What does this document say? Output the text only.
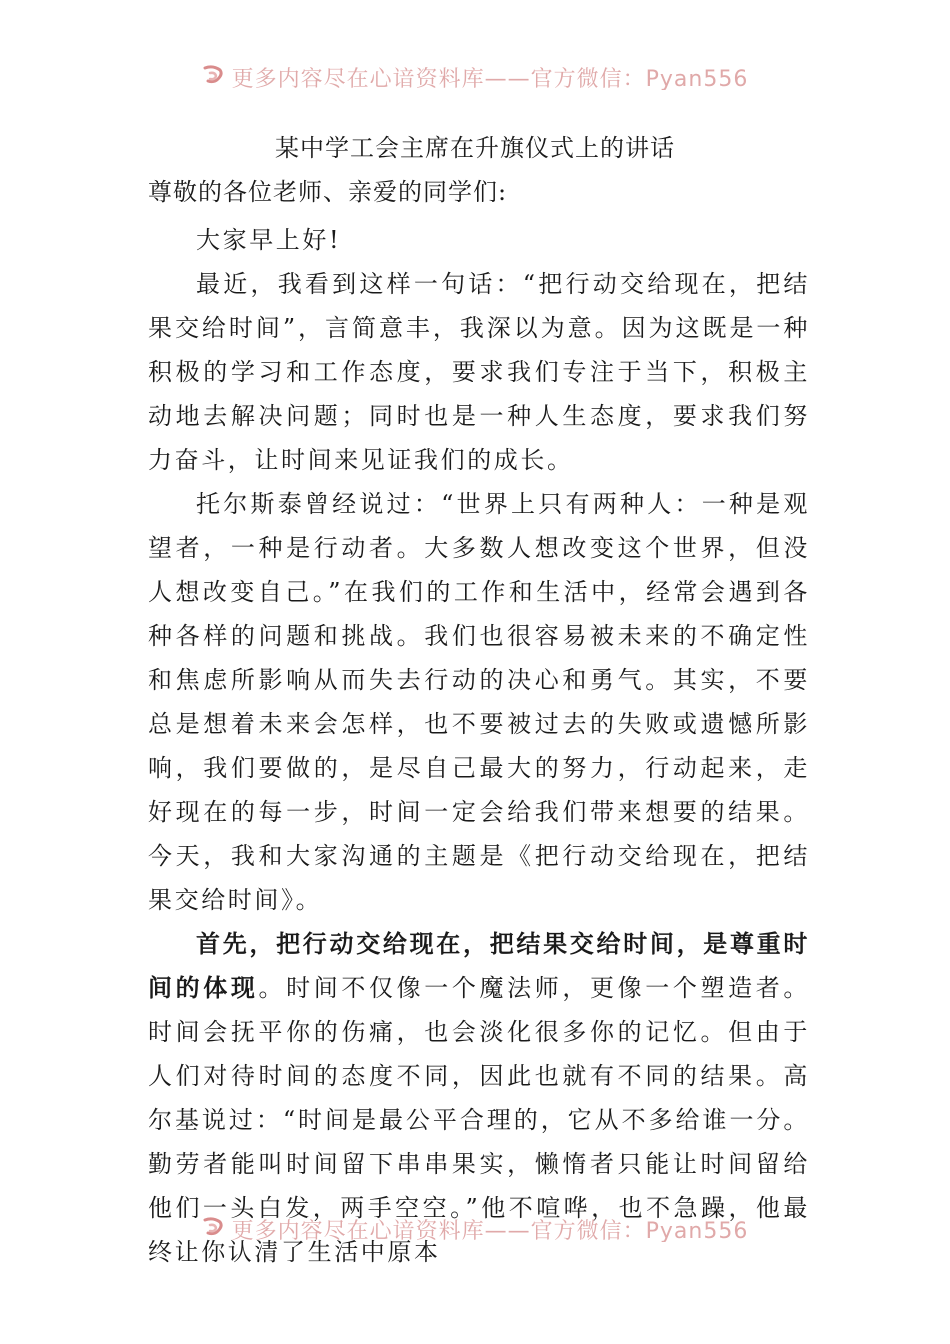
更多内容尽在心谙资料库——官方微信：Pyan556
某中学工会主席在升旗仪式上的讲话
尊敬的各位老师、亲爱的同学们:

大家早上好!

最近，我看到这样一句话：“把行动交给现在，把结果交给时间”，言简意丰，我深以为意。因为这既是一种积极的学习和工作态度，要求我们专注于当下，积极主动地去解决问题；同时也是一种人生态度，要求我们努力奋斗，让时间来见证我们的成长。

托尔斯泰曾经说过：“世界上只有两种人：一种是观望者，一种是行动者。大多数人想改变这个世界，但没人想改变自己。”在我们的工作和生活中，经常会遇到各种各样的问题和挑战。我们也很容易被未来的不确定性和焦虑所影响从而失去行动的决心和勇气。其实，不要总是想着未来会怎样，也不要被过去的失败或遗憾所影响，我们要做的，是尽自己最大的努力，行动起来，走好现在的每一步，时间一定会给我们带来想要的结果。今天，我和大家沟通的主题是《把行动交给现在，把结果交给时间》。

首先，把行动交给现在，把结果交给时间，是尊重时间的体现。时间不仅像一个魔法师，更像一个塑造者。时间会抚平你的伤痛，也会淡化很多你的记忆。但由于人们对待时间的态度不同，因此也就有不同的结果。高尔基说过：“时间是最公平合理的，它从不多给谁一分。勤劳者能叫时间留下串串果实，懒惰者只能让时间留给他们一头白发，两手空空。”他不喧哗，也不急躁，他最终让你认清了生活中原本

更多内容尽在心谙资料库——官方微信：Pyan556
